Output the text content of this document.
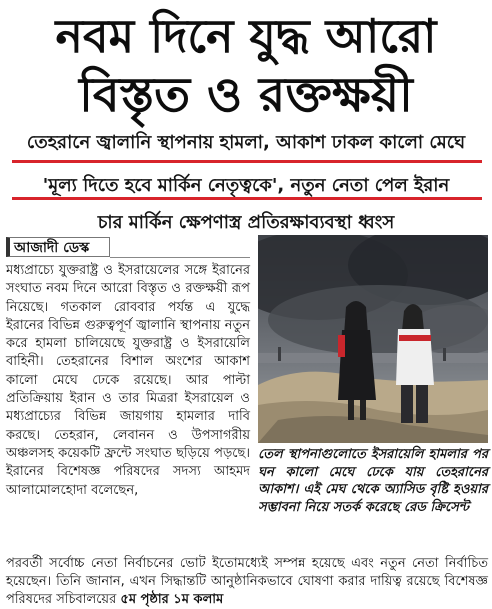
নবম দিনে যুদ্ধ আরো
বিস্তৃত ও রক্তক্ষয়ী
তেহরানে জ্বালানি স্থাপনায় হামলা, আকাশ ঢাকল কালো মেঘে
'মূল্য দিতে হবে মার্কিন নেতৃত্বকে', নতুন নেতা পেল ইরান
চার মার্কিন ক্ষেপণাস্ত্র প্রতিরক্ষাব্যবস্থা ধ্বংস
আজাদী ডেস্ক

মধ্যপ্রাচ্যে যুক্তরাষ্ট্র ও ইসরায়েলের সঙ্গে ইরানের সংঘাত নবম দিনে আরো বিস্তৃত ও রক্তক্ষয়ী রূপ নিয়েছে। গতকাল রোববার পর্যন্ত এ যুদ্ধে ইরানের বিভিন্ন গুরুত্বপূর্ণ জ্বালানি স্থাপনায় নতুন করে হামলা চালিয়েছে যুক্তরাষ্ট্র ও ইসরায়েলি বাহিনী। তেহরানের বিশাল অংশের আকাশ কালো মেঘে ঢেকে রয়েছে। আর পাল্টা প্রতিক্রিয়ায় ইরান ও তার মিত্ররা ইসরায়েল ও মধ্যপ্রাচ্যের বিভিন্ন জায়গায় হামলার দাবি করছে। তেহরান, লেবানন ও উপসাগরীয় অঞ্চলসহ কয়েকটি ফ্রন্টে সংঘাত ছড়িয়ে পড়ছে। ইরানের বিশেষজ্ঞ পরিষদের সদস্য আহমদ আলামোলহোদা বলেছেন,

তেল স্থাপনাগুলোতে ইসরায়েলি হামলার পর ঘন কালো মেঘে ঢেকে যায় তেহরানের আকাশ। এই মেঘ থেকে অ্যাসিড বৃষ্টি হওয়ার সম্ভাবনা নিয়ে সতর্ক করেছে রেড ক্রিসেন্ট

পরবর্তী সর্বোচ্চ নেতা নির্বাচনের ভোট ইতোমধ্যেই সম্পন্ন হয়েছে এবং নতুন নেতা নির্বাচিত হয়েছেন। তিনি জানান, এখন সিদ্ধান্তটি আনুষ্ঠানিকভাবে ঘোষণা করার দায়িত্ব রয়েছে বিশেষজ্ঞ পরিষদের সচিবালয়ের ৫ম পৃষ্ঠার ১ম কলাম
